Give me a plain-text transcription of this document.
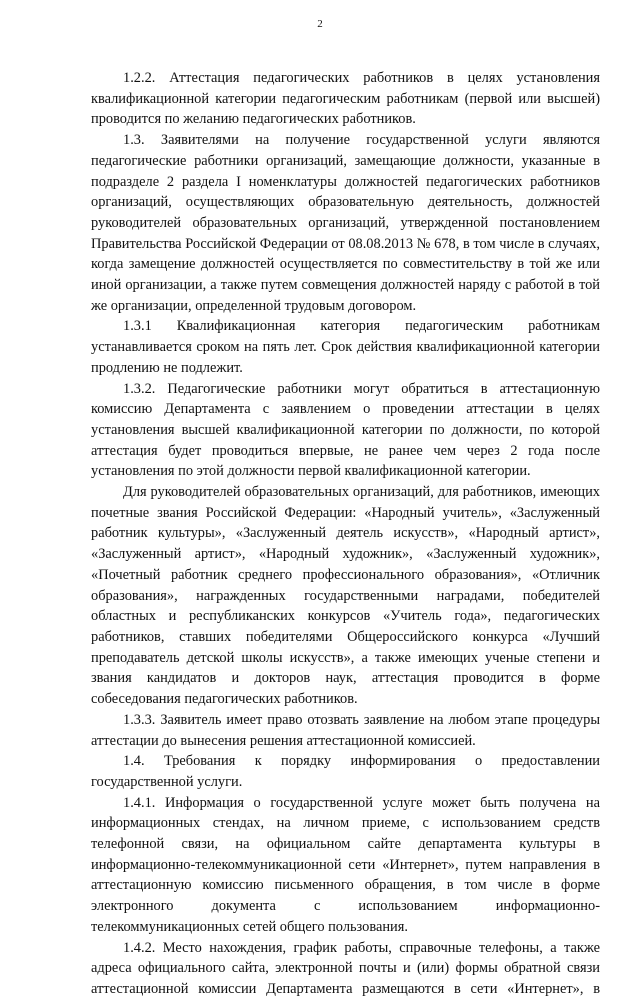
2

1.2.2. Аттестация педагогических работников в целях установления квалификационной категории педагогическим работникам (первой или высшей) проводится по желанию педагогических работников.

1.3. Заявителями на получение государственной услуги являются педагогические работники организаций, замещающие должности, указанные в подразделе 2 раздела I номенклатуры должностей педагогических работников организаций, осуществляющих образовательную деятельность, должностей руководителей образовательных организаций, утвержденной постановлением Правительства Российской Федерации от 08.08.2013 № 678, в том числе в случаях, когда замещение должностей осуществляется по совместительству в той же или иной организации, а также путем совмещения должностей наряду с работой в той же организации, определенной трудовым договором.

1.3.1 Квалификационная категория педагогическим работникам устанавливается сроком на пять лет. Срок действия квалификационной категории продлению не подлежит.

1.3.2. Педагогические работники могут обратиться в аттестационную комиссию Департамента с заявлением о проведении аттестации в целях установления высшей квалификационной категории по должности, по которой аттестация будет проводиться впервые, не ранее чем через 2 года после установления по этой должности первой квалификационной категории.

Для руководителей образовательных организаций, для работников, имеющих почетные звания Российской Федерации: «Народный учитель», «Заслуженный работник культуры», «Заслуженный деятель искусств», «Народный артист», «Заслуженный артист», «Народный художник», «Заслуженный художник», «Почетный работник среднего профессионального образования», «Отличник образования», награжденных государственными наградами, победителей областных и республиканских конкурсов «Учитель года», педагогических работников, ставших победителями Общероссийского конкурса «Лучший преподаватель детской школы искусств», а также имеющих ученые степени и звания кандидатов и докторов наук, аттестация проводится в форме собеседования педагогических работников.

1.3.3. Заявитель имеет право отозвать заявление на любом этапе процедуры аттестации до вынесения решения аттестационной комиссией.

1.4. Требования к порядку информирования о предоставлении государственной услуги.

1.4.1. Информация о государственной услуге может быть получена на информационных стендах, на личном приеме, с использованием средств телефонной связи, на официальном сайте департамента культуры в информационно-телекоммуникационной сети «Интернет», путем направления в аттестационную комиссию письменного обращения, в том числе в форме электронного документа с использованием информационно-телекоммуникационных сетей общего пользования.

1.4.2. Место нахождения, график работы, справочные телефоны, а также адреса официального сайта, электронной почты и (или) формы обратной связи аттестационной комиссии Департамента размещаются в сети «Интернет», в
